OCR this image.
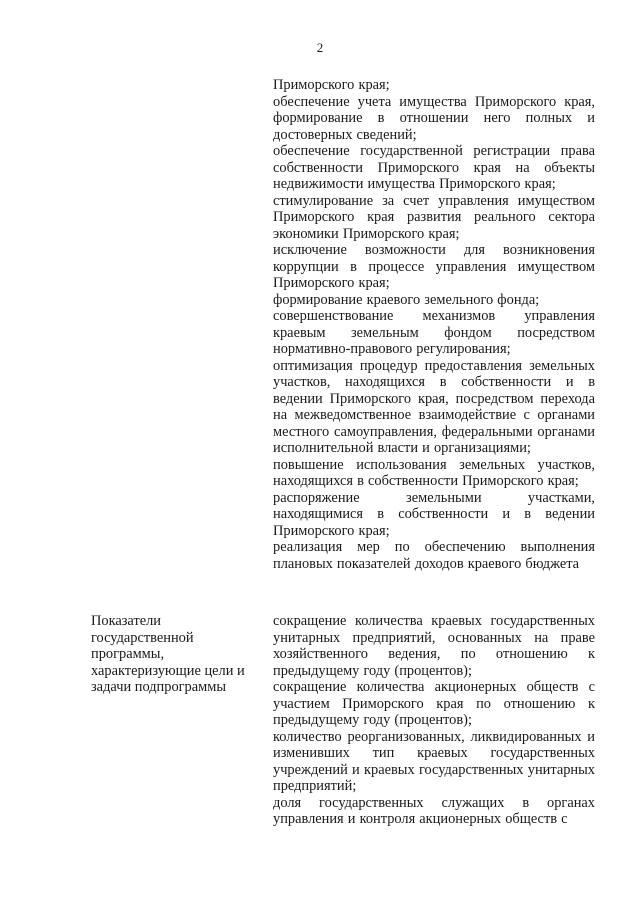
2

Приморского края;

обеспечение учета имущества Приморского края, формирование в отношении него полных и достоверных сведений;

обеспечение государственной регистрации права собственности Приморского края на объекты недвижимости имущества Приморского края;

стимулирование за счет управления имуществом Приморского края развития реального сектора экономики Приморского края;

исключение возможности для возникновения коррупции в процессе управления имуществом Приморского края;

формирование краевого земельного фонда;

совершенствование механизмов управления краевым земельным фондом посредством нормативно-правового регулирования;

оптимизация процедур предоставления земельных участков, находящихся в собственности и в ведении Приморского края, посредством перехода на межведомственное взаимодействие с органами местного самоуправления, федеральными органами исполнительной власти и организациями;

повышение использования земельных участков, находящихся в собственности Приморского края;

распоряжение земельными участками, находящимися в собственности и в ведении Приморского края;

реализация мер по обеспечению выполнения плановых показателей доходов краевого бюджета

Показатели

государственной

программы,

характеризующие цели и

задачи подпрограммы

сокращение количества краевых государственных унитарных предприятий, основанных на праве хозяйственного ведения, по отношению к предыдущему году (процентов);

сокращение количества акционерных обществ с участием Приморского края по отношению к предыдущему году (процентов);

количество реорганизованных, ликвидированных и изменивших тип краевых государственных учреждений и краевых государственных унитарных предприятий;

доля государственных служащих в органах управления и контроля акционерных обществ с
